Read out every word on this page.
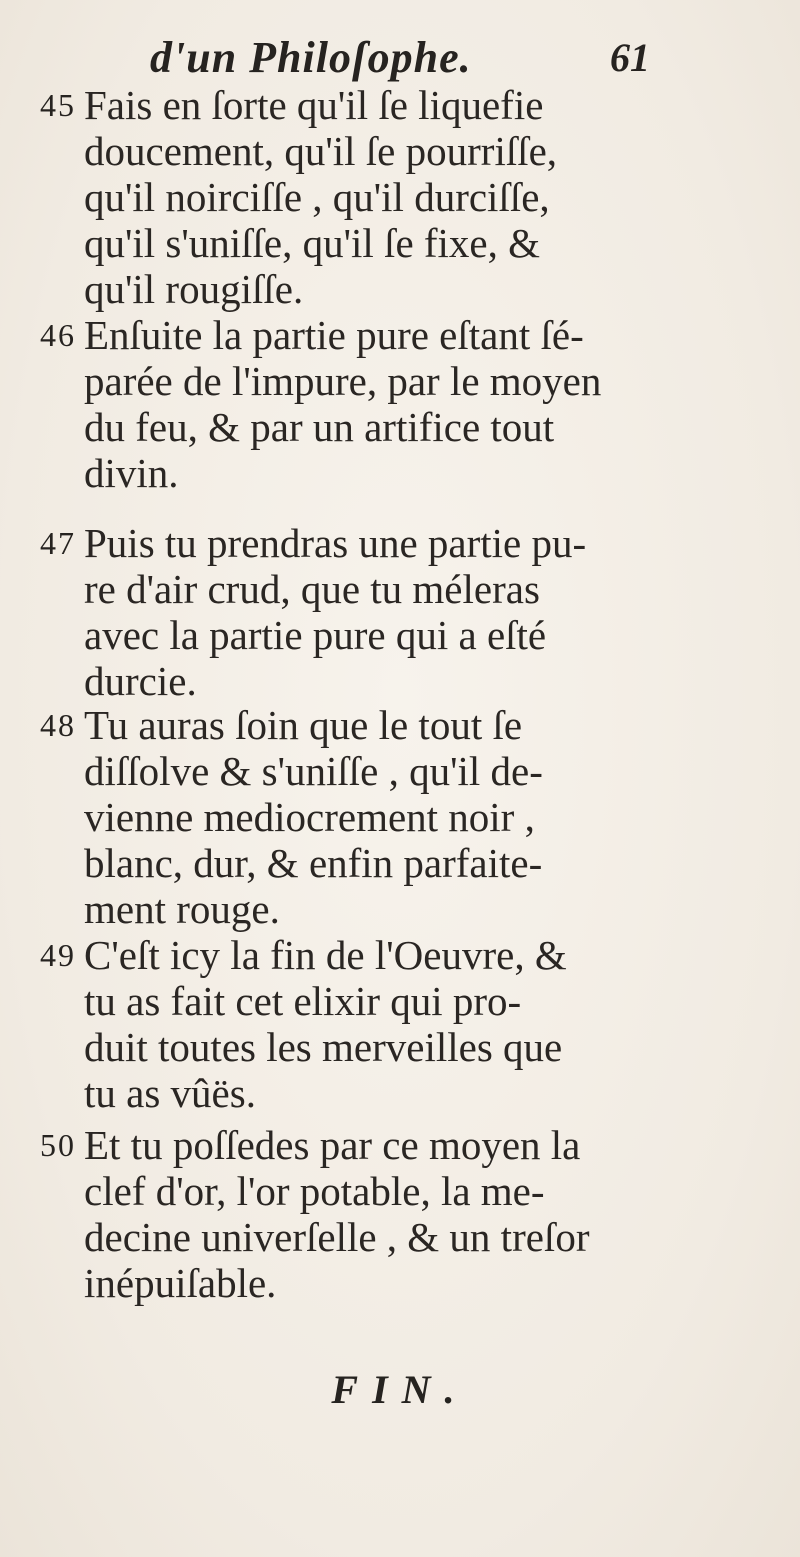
d'un Philoſophe.	61
45 Fais en ſorte qu'il ſe liquefie
doucement, qu'il ſe pourriſſe,
qu'il noirciſſe , qu'il durciſſe,
qu'il s'uniſſe, qu'il ſe fixe, &
qu'il rougiſſe.
46 Enſuite la partie pure eſtant ſé-
parée de l'impure, par le moyen
du feu, & par un artifice tout
divin.
47 Puis tu prendras une partie pu-
re d'air crud, que tu méleras
avec la partie pure qui a eſté
durcie.
48 Tu auras ſoin que le tout ſe
diſſolve & s'uniſſe , qu'il de-
vienne mediocrement noir ,
blanc, dur, & enfin parfaite-
ment rouge.
49 C'eſt icy la fin de l'Oeuvre, &
tu as fait cet elixir qui pro-
duit toutes les merveilles que
tu as vûës.
50 Et tu poſſedes par ce moyen la
clef d'or, l'or potable, la me-
decine univerſelle , & un treſor
inépuiſable.
FIN.
